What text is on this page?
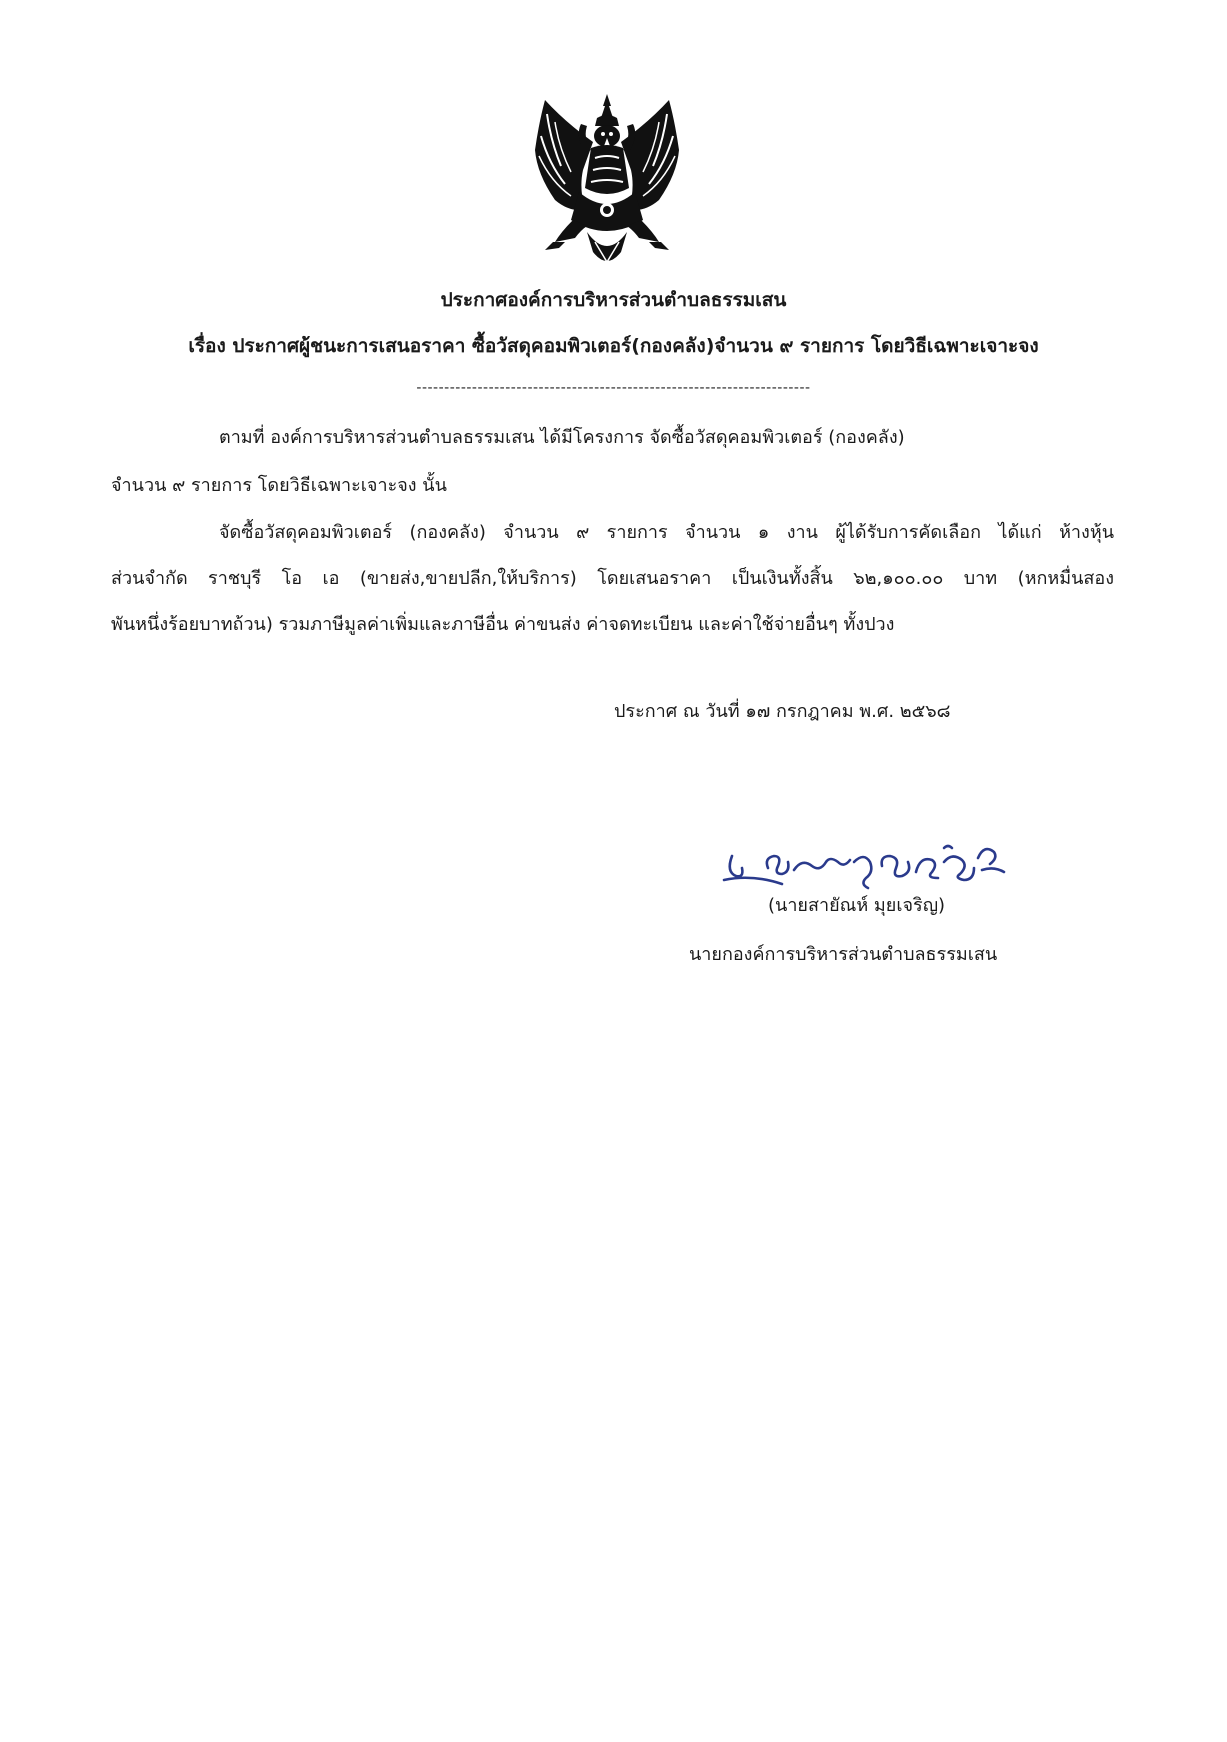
ประกาศองค์การบริหารส่วนตำบลธรรมเสน
เรื่อง ประกาศผู้ชนะการเสนอราคา ซื้อวัสดุคอมพิวเตอร์(กองคลัง)จำนวน ๙ รายการ โดยวิธีเฉพาะเจาะจง
-----------------------------------------------------------------------
ตามที่ องค์การบริหารส่วนตำบลธรรมเสน ได้มีโครงการ จัดซื้อวัสดุคอมพิวเตอร์ (กองคลัง)
จำนวน ๙ รายการ โดยวิธีเฉพาะเจาะจง นั้น
จัดซื้อวัสดุคอมพิวเตอร์ (กองคลัง) จำนวน ๙ รายการ จำนวน ๑ งาน ผู้ได้รับการคัดเลือก ได้แก่ ห้างหุ้น
ส่วนจำกัด ราชบุรี โอ เอ (ขายส่ง,ขายปลีก,ให้บริการ) โดยเสนอราคา เป็นเงินทั้งสิ้น ๖๒,๑๐๐.๐๐ บาท (หกหมื่นสอง
พันหนึ่งร้อยบาทถ้วน) รวมภาษีมูลค่าเพิ่มและภาษีอื่น ค่าขนส่ง ค่าจดทะเบียน และค่าใช้จ่ายอื่นๆ ทั้งปวง
ประกาศ ณ วันที่ ๑๗ กรกฎาคม พ.ศ. ๒๕๖๘
(นายสายัณห์ มุยเจริญ)
นายกองค์การบริหารส่วนตำบลธรรมเสน
